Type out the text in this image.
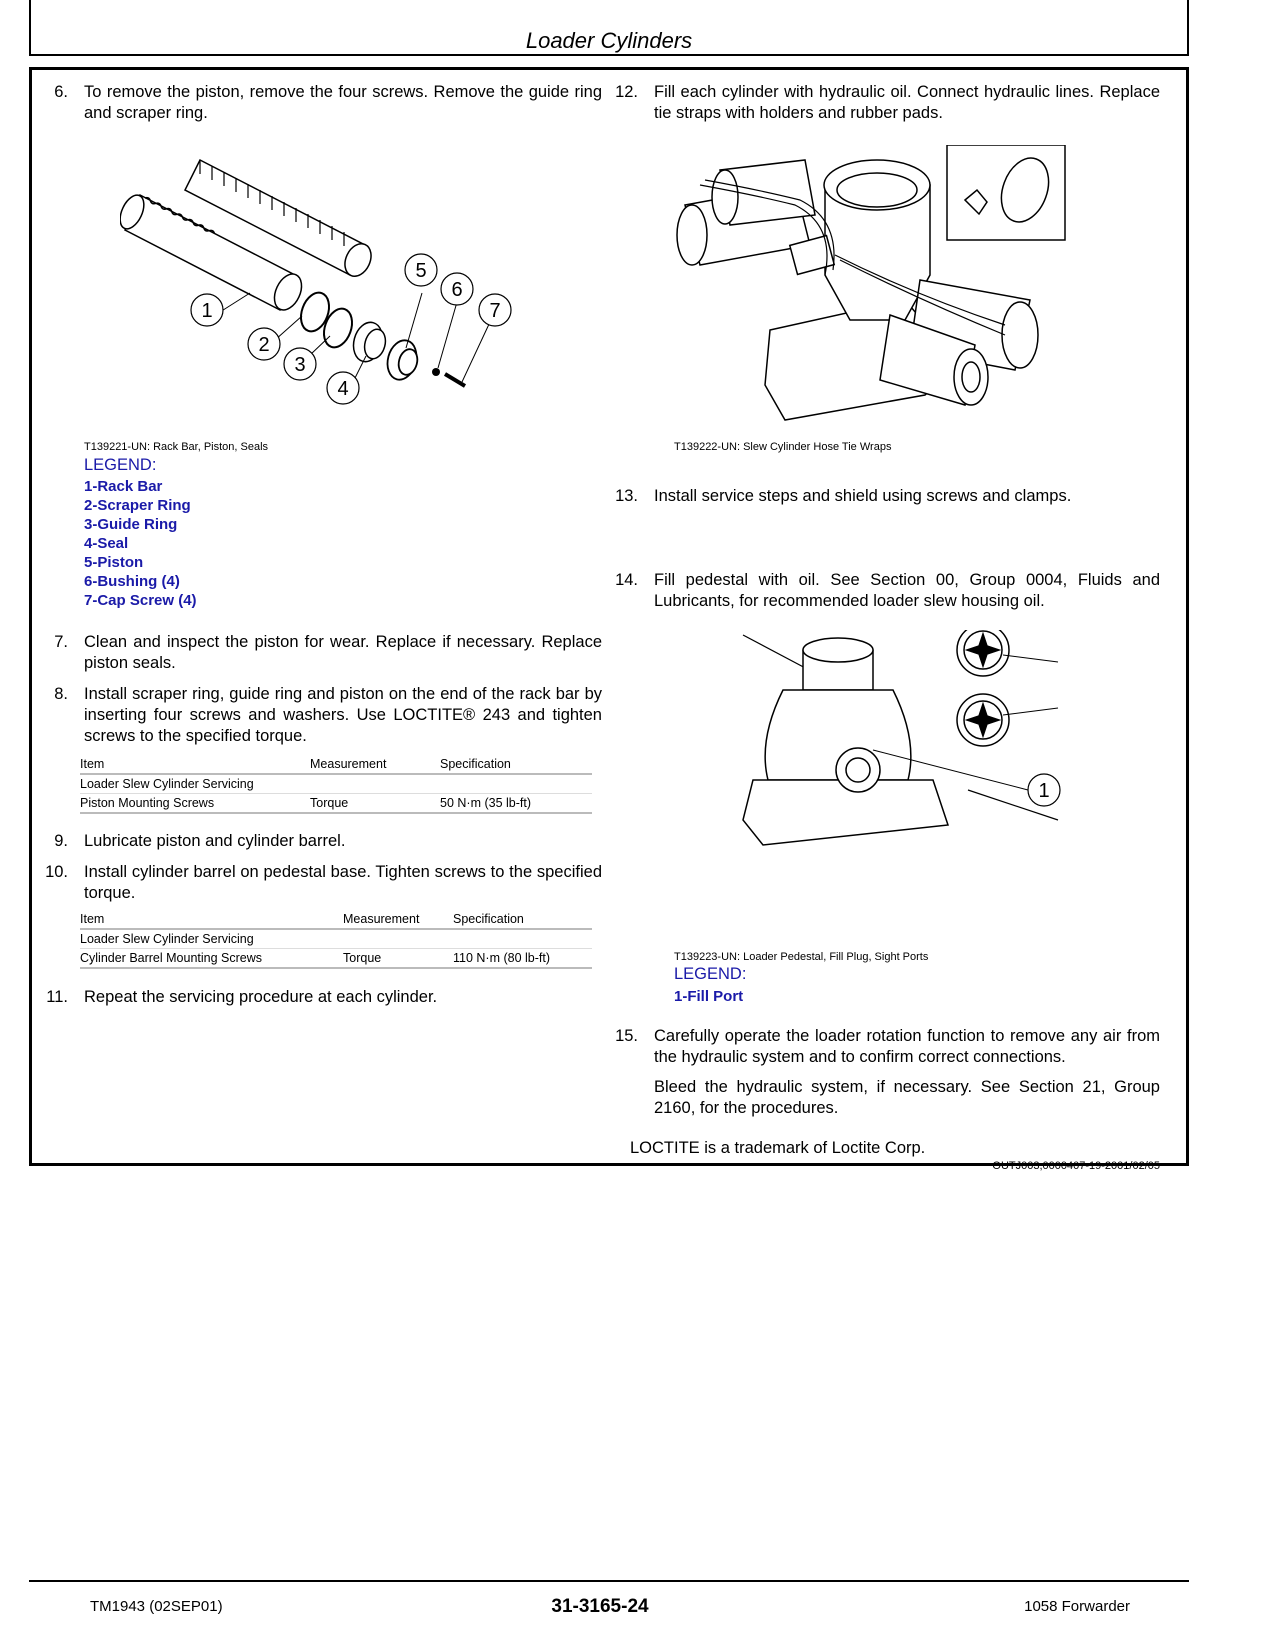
Loader Cylinders
6. To remove the piston, remove the four screws. Remove the guide ring and scraper ring.
1
2
3
4
5
6
7
T139221-UN: Rack Bar, Piston, Seals
LEGEND:
1-Rack Bar
2-Scraper Ring
3-Guide Ring
4-Seal
5-Piston
6-Bushing (4)
7-Cap Screw (4)
7. Clean and inspect the piston for wear. Replace if necessary. Replace piston seals.
8. Install scraper ring, guide ring and piston on the end of the rack bar by inserting four screws and washers. Use LOCTITE® 243 and tighten screws to the specified torque.
Item	Measurement	Specification
Loader Slew Cylinder Servicing		
Piston Mounting Screws	Torque	50 N·m (35 lb-ft)
9. Lubricate piston and cylinder barrel.
10. Install cylinder barrel on pedestal base. Tighten screws to the specified torque.
Item	Measurement	Specification
Loader Slew Cylinder Servicing		
Cylinder Barrel Mounting Screws	Torque	110 N·m (80 lb-ft)
11. Repeat the servicing procedure at each cylinder.
12. Fill each cylinder with hydraulic oil. Connect hydraulic lines. Replace tie straps with holders and rubber pads.
T139222-UN: Slew Cylinder Hose Tie Wraps
13. Install service steps and shield using screws and clamps.
14. Fill pedestal with oil. See Section 00, Group 0004, Fluids and Lubricants, for recommended loader slew housing oil.
1
T139223-UN: Loader Pedestal, Fill Plug, Sight Ports
LEGEND:
1-Fill Port
15. Carefully operate the loader rotation function to remove any air from the hydraulic system and to confirm correct connections.
Bleed the hydraulic system, if necessary. See Section 21, Group 2160, for the procedures.
LOCTITE is a trademark of Loctite Corp.
OUTJ003,0000407-19-2001/02/05
TM1943 (02SEP01)	31-3165-24	1058 Forwarder
